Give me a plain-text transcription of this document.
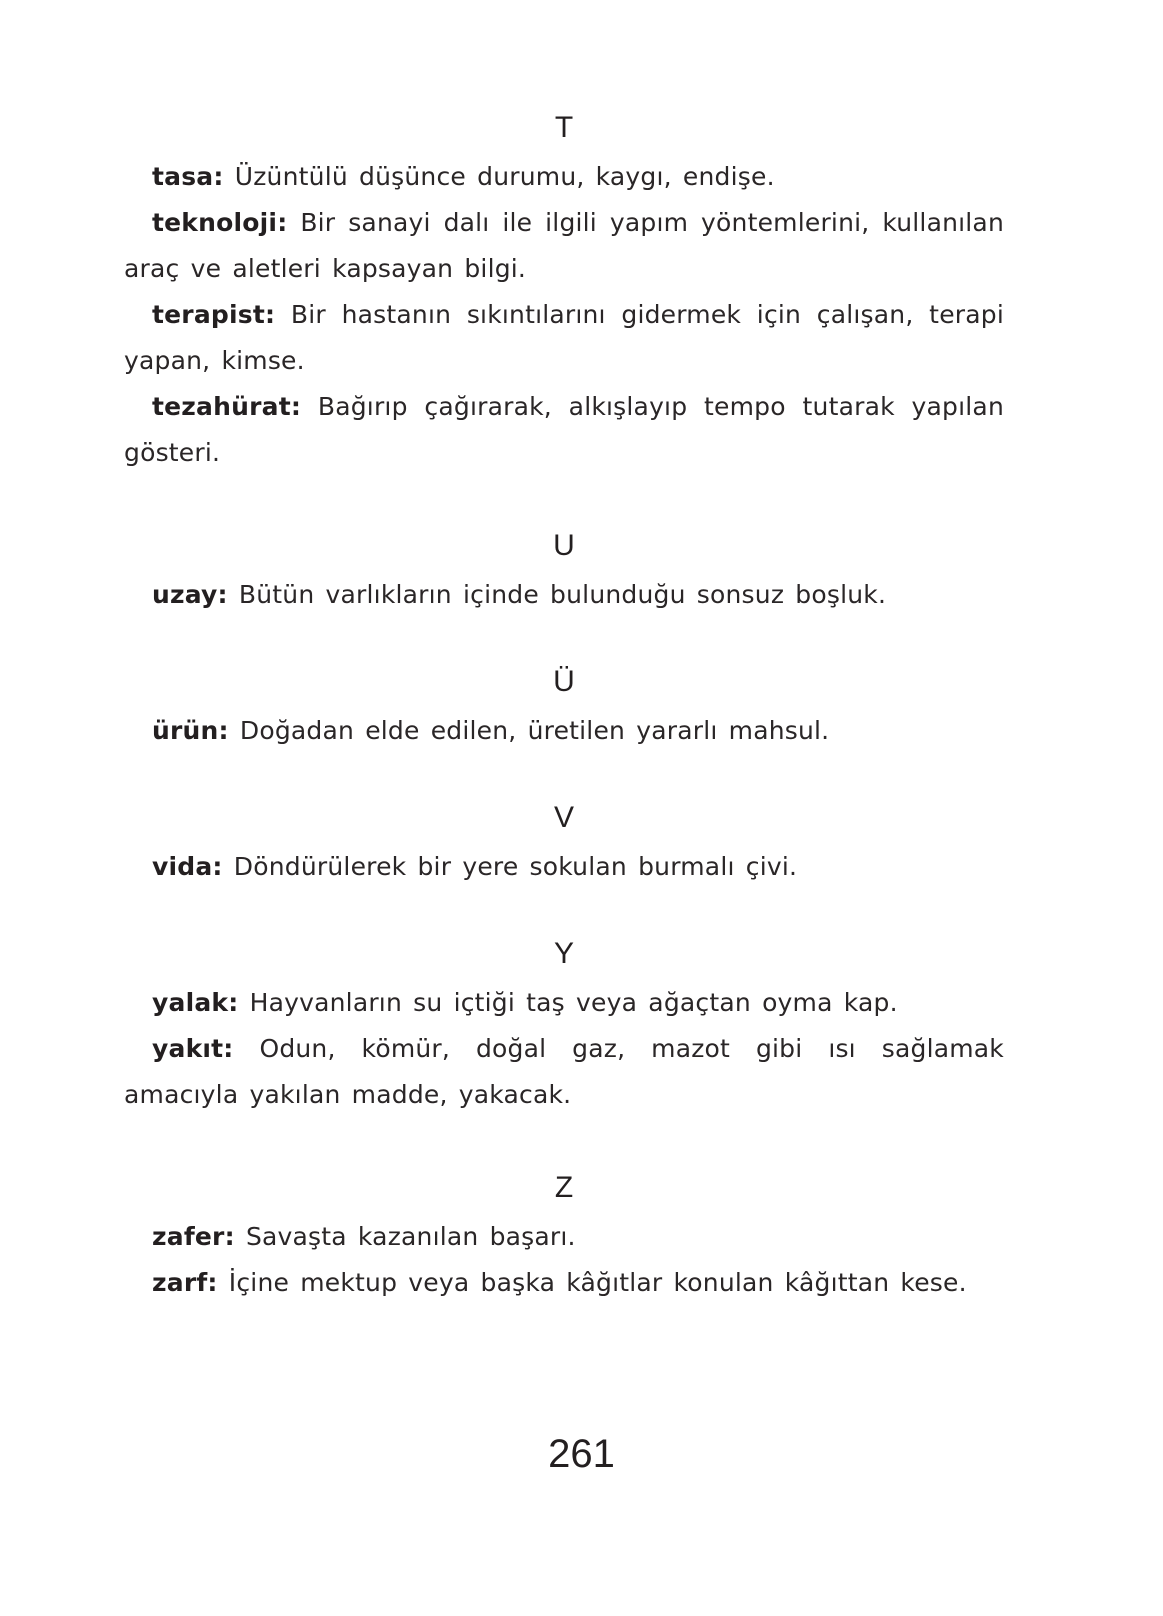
T

tasa: Üzüntülü düşünce durumu, kaygı, endişe.

teknoloji: Bir sanayi dalı ile ilgili yapım yöntemlerini, kullanılan araç ve aletleri kapsayan bilgi.

terapist: Bir hastanın sıkıntılarını gidermek için çalışan, terapi yapan, kimse.

tezahürat: Bağırıp çağırarak, alkışlayıp tempo tutarak yapılan gösteri.

U

uzay: Bütün varlıkların içinde bulunduğu sonsuz boşluk.

Ü

ürün: Doğadan elde edilen, üretilen yararlı mahsul.

V

vida: Döndürülerek bir yere sokulan burmalı çivi.

Y

yalak: Hayvanların su içtiği taş veya ağaçtan oyma kap.

yakıt: Odun, kömür, doğal gaz, mazot gibi ısı sağlamak amacıyla yakılan madde, yakacak.

Z

zafer: Savaşta kazanılan başarı.

zarf: İçine mektup veya başka kâğıtlar konulan kâğıttan kese.

261
